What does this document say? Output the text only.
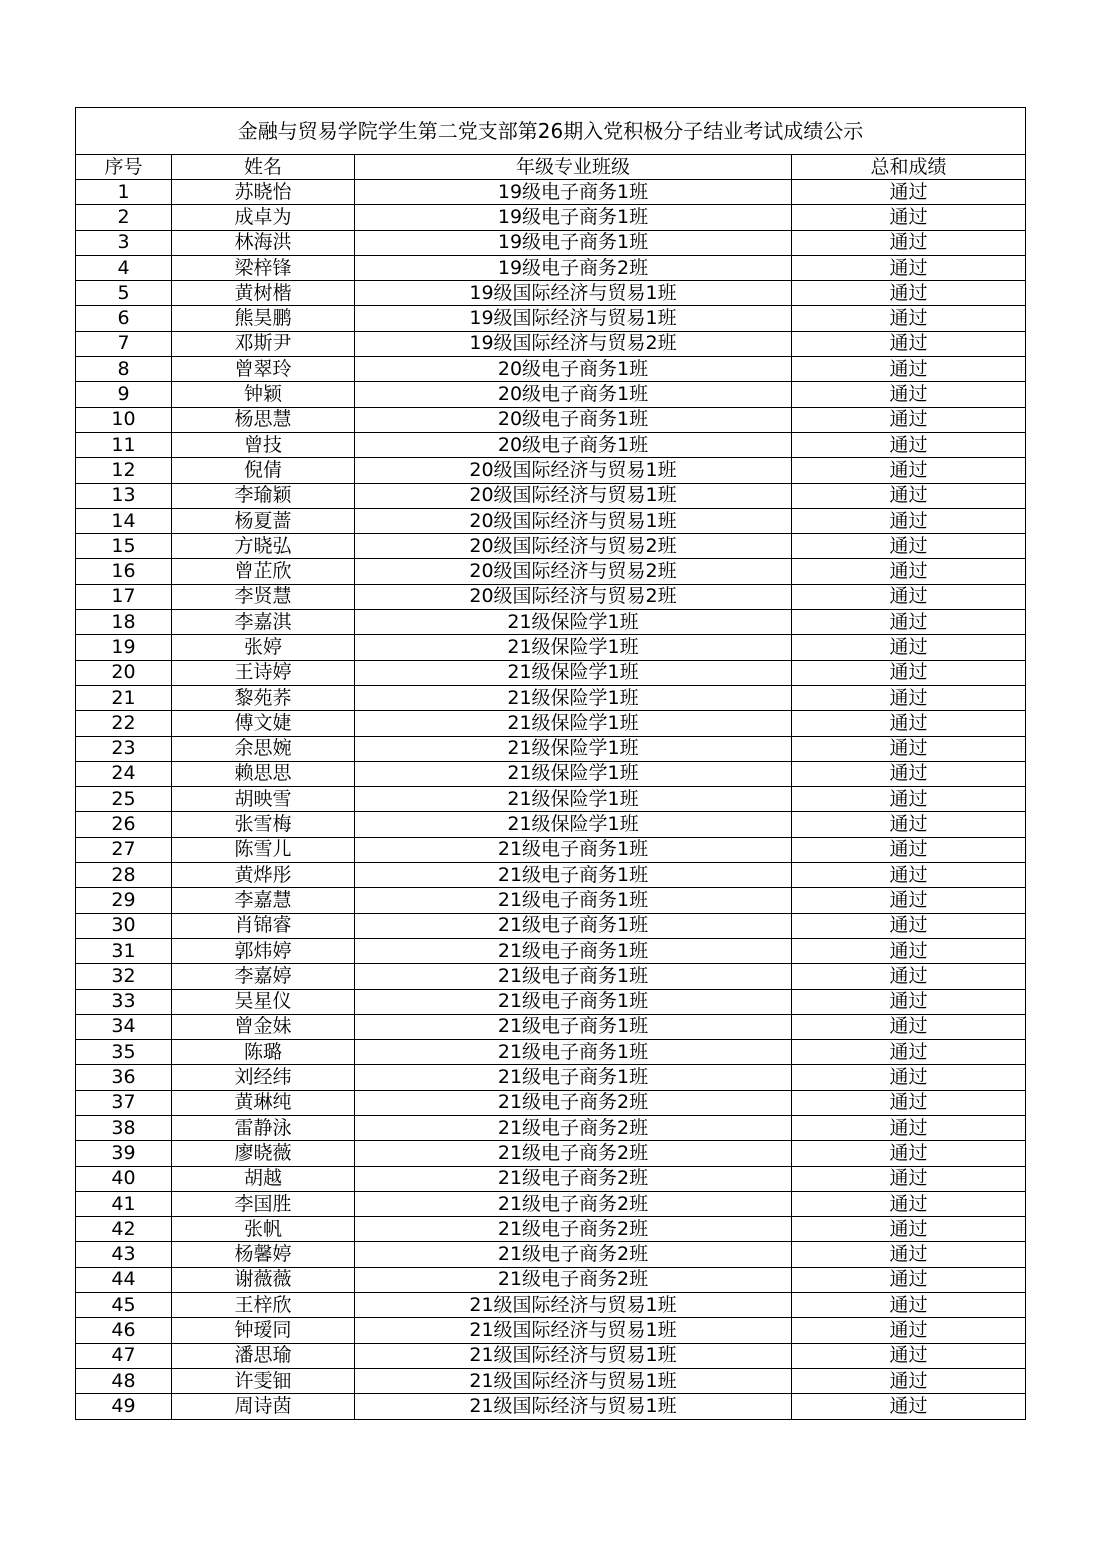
金融与贸易学院学生第二党支部第26期入党积极分子结业考试成绩公示			
序号	姓名	年级专业班级	总和成绩
1	苏晓怡	19级电子商务1班	通过
2	成卓为	19级电子商务1班	通过
3	林海洪	19级电子商务1班	通过
4	梁梓锋	19级电子商务2班	通过
5	黄树楷	19级国际经济与贸易1班	通过
6	熊昊鹏	19级国际经济与贸易1班	通过
7	邓斯尹	19级国际经济与贸易2班	通过
8	曾翠玲	20级电子商务1班	通过
9	钟颖	20级电子商务1班	通过
10	杨思慧	20级电子商务1班	通过
11	曾技	20级电子商务1班	通过
12	倪倩	20级国际经济与贸易1班	通过
13	李瑜颖	20级国际经济与贸易1班	通过
14	杨夏蔷	20级国际经济与贸易1班	通过
15	方晓弘	20级国际经济与贸易2班	通过
16	曾芷欣	20级国际经济与贸易2班	通过
17	李贤慧	20级国际经济与贸易2班	通过
18	李嘉淇	21级保险学1班	通过
19	张婷	21级保险学1班	通过
20	王诗婷	21级保险学1班	通过
21	黎苑荞	21级保险学1班	通过
22	傅文婕	21级保险学1班	通过
23	余思婉	21级保险学1班	通过
24	赖思思	21级保险学1班	通过
25	胡映雪	21级保险学1班	通过
26	张雪梅	21级保险学1班	通过
27	陈雪儿	21级电子商务1班	通过
28	黄烨彤	21级电子商务1班	通过
29	李嘉慧	21级电子商务1班	通过
30	肖锦睿	21级电子商务1班	通过
31	郭炜婷	21级电子商务1班	通过
32	李嘉婷	21级电子商务1班	通过
33	吴星仪	21级电子商务1班	通过
34	曾金妹	21级电子商务1班	通过
35	陈璐	21级电子商务1班	通过
36	刘经纬	21级电子商务1班	通过
37	黄琳纯	21级电子商务2班	通过
38	雷静泳	21级电子商务2班	通过
39	廖晓薇	21级电子商务2班	通过
40	胡越	21级电子商务2班	通过
41	李国胜	21级电子商务2班	通过
42	张帆	21级电子商务2班	通过
43	杨馨婷	21级电子商务2班	通过
44	谢薇薇	21级电子商务2班	通过
45	王梓欣	21级国际经济与贸易1班	通过
46	钟瑷同	21级国际经济与贸易1班	通过
47	潘思瑜	21级国际经济与贸易1班	通过
48	许雯钿	21级国际经济与贸易1班	通过
49	周诗茵	21级国际经济与贸易1班	通过
